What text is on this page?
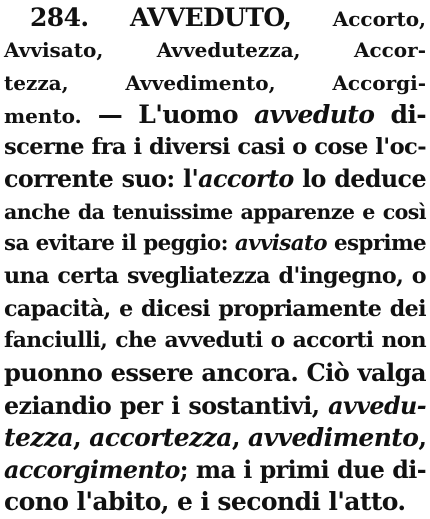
284. AVVEDUTO, Accorto,
Avvisato,	Avvedutezza,	Accor-
tezza,	Avvedimento,	Accorgi-
mento. — L'uomo avveduto di-
scerne fra i diversi casi o cose l'oc-
corrente suo: l'accorto lo deduce
anche da tenuissime apparenze e così
sa evitare il peggio: avvisato esprime
una certa svegliatezza d'ingegno, o
capacità, e dicesi propriamente dei
fanciulli, che avveduti o accorti non
puonno essere ancora. Ciò valga
eziandio per i sostantivi, avvedu-
tezza, accortezza, avvedimento,
accorgimento; ma i primi due di-
cono l'abito, e i secondi l'atto.
